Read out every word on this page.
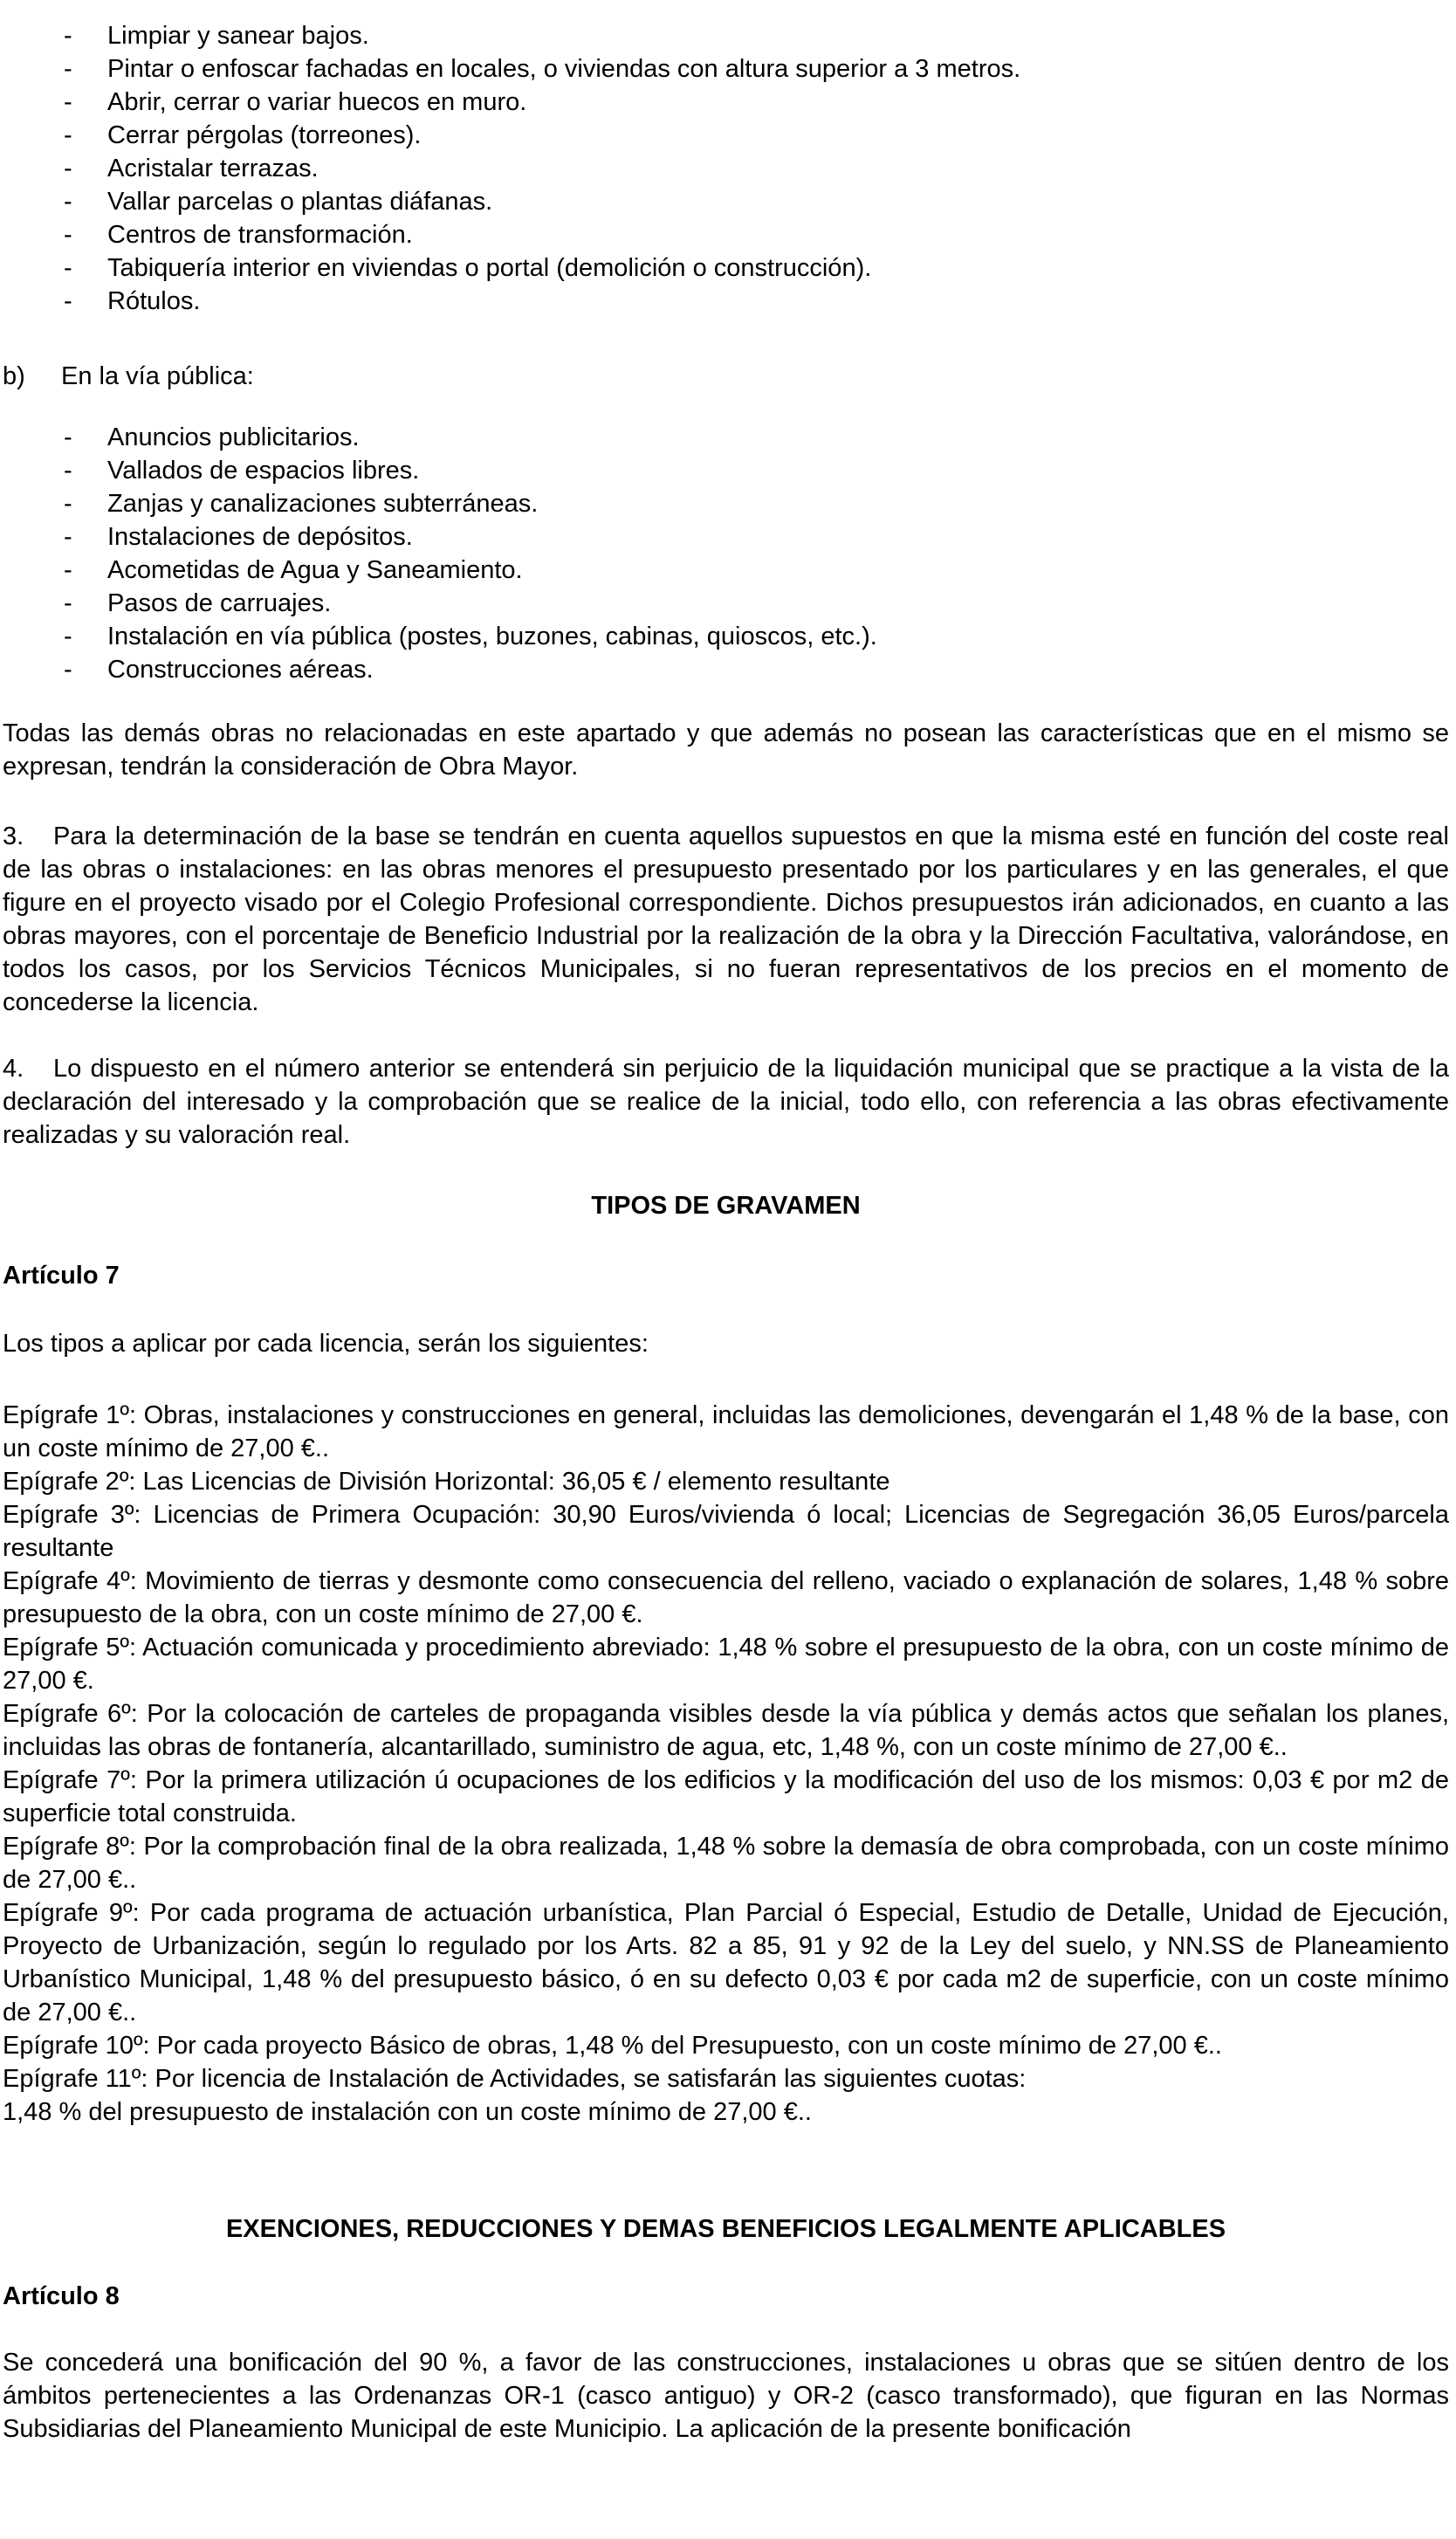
- Limpiar y sanear bajos.
- Pintar o enfoscar fachadas en locales, o viviendas con altura superior a 3 metros.
- Abrir, cerrar o variar huecos en muro.
- Cerrar pérgolas (torreones).
- Acristalar terrazas.
- Vallar parcelas o plantas diáfanas.
- Centros de transformación.
- Tabiquería interior en viviendas o portal (demolición o construcción).
- Rótulos.

b) En la vía pública:

- Anuncios publicitarios.
- Vallados de espacios libres.
- Zanjas y canalizaciones subterráneas.
- Instalaciones de depósitos.
- Acometidas de Agua y Saneamiento.
- Pasos de carruajes.
- Instalación en vía pública (postes, buzones, cabinas, quioscos, etc.).
- Construcciones aéreas.

Todas las demás obras no relacionadas en este apartado y que además no posean las características que en el mismo se expresan, tendrán la consideración de Obra Mayor.

3. Para la determinación de la base se tendrán en cuenta aquellos supuestos en que la misma esté en función del coste real de las obras o instalaciones: en las obras menores el presupuesto presentado por los particulares y en las generales, el que figure en el proyecto visado por el Colegio Profesional correspondiente. Dichos presupuestos irán adicionados, en cuanto a las obras mayores, con el porcentaje de Beneficio Industrial por la realización de la obra y la Dirección Facultativa, valorándose, en todos los casos, por los Servicios Técnicos Municipales, si no fueran representativos de los precios en el momento de concederse la licencia.

4. Lo dispuesto en el número anterior se entenderá sin perjuicio de la liquidación municipal que se practique a la vista de la declaración del interesado y la comprobación que se realice de la inicial, todo ello, con referencia a las obras efectivamente realizadas y su valoración real.

TIPOS DE GRAVAMEN

Artículo 7

Los tipos a aplicar por cada licencia, serán los siguientes:

Epígrafe 1º: Obras, instalaciones y construcciones en general, incluidas las demoliciones, devengarán el 1,48 % de la base, con un coste mínimo de 27,00 €..

Epígrafe 2º: Las Licencias de División Horizontal: 36,05 € / elemento resultante

Epígrafe 3º: Licencias de Primera Ocupación: 30,90 Euros/vivienda ó local; Licencias de Segregación 36,05 Euros/parcela resultante

Epígrafe 4º: Movimiento de tierras y desmonte como consecuencia del relleno, vaciado o explanación de solares, 1,48 % sobre presupuesto de la obra, con un coste mínimo de 27,00 €.

Epígrafe 5º: Actuación comunicada y procedimiento abreviado: 1,48 % sobre el presupuesto de la obra, con un coste mínimo de 27,00 €.

Epígrafe 6º: Por la colocación de carteles de propaganda visibles desde la vía pública y demás actos que señalan los planes, incluidas las obras de fontanería, alcantarillado, suministro de agua, etc, 1,48 %, con un coste mínimo de 27,00 €..

Epígrafe 7º: Por la primera utilización ú ocupaciones de los edificios y la modificación del uso de los mismos: 0,03 € por m2 de superficie total construida.

Epígrafe 8º: Por la comprobación final de la obra realizada, 1,48 % sobre la demasía de obra comprobada, con un coste mínimo de 27,00 €..

Epígrafe 9º: Por cada programa de actuación urbanística, Plan Parcial ó Especial, Estudio de Detalle, Unidad de Ejecución, Proyecto de Urbanización, según lo regulado por los Arts. 82 a 85, 91 y 92 de la Ley del suelo, y NN.SS de Planeamiento Urbanístico Municipal, 1,48 % del presupuesto básico, ó en su defecto 0,03 € por cada m2 de superficie, con un coste mínimo de 27,00 €..

Epígrafe 10º: Por cada proyecto Básico de obras, 1,48 % del Presupuesto, con un coste mínimo de 27,00 €..

Epígrafe 11º: Por licencia de Instalación de Actividades, se satisfarán las siguientes cuotas:

1,48 % del presupuesto de instalación con un coste mínimo de 27,00 €..

EXENCIONES, REDUCCIONES Y DEMAS BENEFICIOS LEGALMENTE APLICABLES

Artículo 8

Se concederá una bonificación del 90 %, a favor de las construcciones, instalaciones u obras que se sitúen dentro de los ámbitos pertenecientes a las Ordenanzas OR-1 (casco antiguo) y OR-2 (casco transformado), que figuran en las Normas Subsidiarias del Planeamiento Municipal de este Municipio. La aplicación de la presente bonificación
